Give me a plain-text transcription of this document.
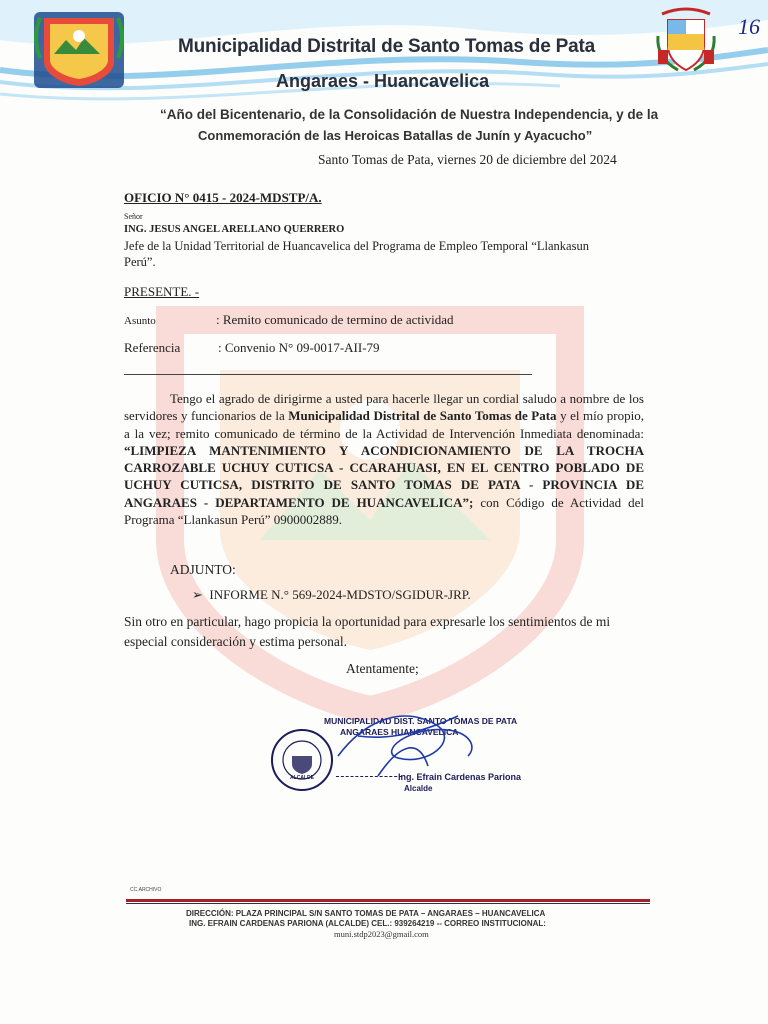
16
Municipalidad Distrital de Santo Tomas de Pata
Angaraes - Huancavelica
“Año del Bicentenario, de la Consolidación de Nuestra Independencia, y de la
Conmemoración de las Heroicas Batallas de Junín y Ayacucho”
Santo Tomas de Pata, viernes 20 de diciembre del 2024
OFICIO N° 0415 - 2024-MDSTP/A.
Señor
ING. JESUS ANGEL ARELLANO QUERRERO
Jefe de la Unidad Territorial de Huancavelica del Programa de Empleo Temporal “Llankasun
Perú”.
PRESENTE. -
Asunto	: Remito comunicado de termino de actividad
Referencia	: Convenio N° 09-0017-AII-79
Tengo el agrado de dirigirme a usted para hacerle llegar un cordial saludo a nombre de los servidores y funcionarios de la Municipalidad Distrital de Santo Tomas de Pata y el mío propio, a la vez; remito comunicado de término de la Actividad de Intervención Inmediata denominada: “LIMPIEZA MANTENIMIENTO Y ACONDICIONAMIENTO DE LA TROCHA CARROZABLE UCHUY CUTICSA - CCARAHUASI, EN EL CENTRO POBLADO DE UCHUY CUTICSA, DISTRITO DE SANTO TOMAS DE PATA - PROVINCIA DE ANGARAES - DEPARTAMENTO DE HUANCAVELICA”; con Código de Actividad del Programa “Llankasun Perú” 0900002889.
ADJUNTO:
➢ INFORME N.° 569-2024-MDSTO/SGIDUR-JRP.
Sin otro en particular, hago propicia la oportunidad para expresarle los sentimientos de mi especial consideración y estima personal.
Atentamente;
ALCALDE
MUNICIPALIDAD DIST. SANTO TOMAS DE PATA
ANGARAES HUANCAVELICA
Ing. Efrain Cardenas Pariona
Alcalde
CC.ARCHIVO
DIRECCIÓN: PLAZA PRINCIPAL S/N SANTO TOMAS DE PATA – ANGARAES – HUANCAVELICA
ING. EFRAIN CARDENAS PARIONA (ALCALDE) CEL.: 939264219 -- CORREO INSTITUCIONAL:
muni.stdp2023@gmail.com
